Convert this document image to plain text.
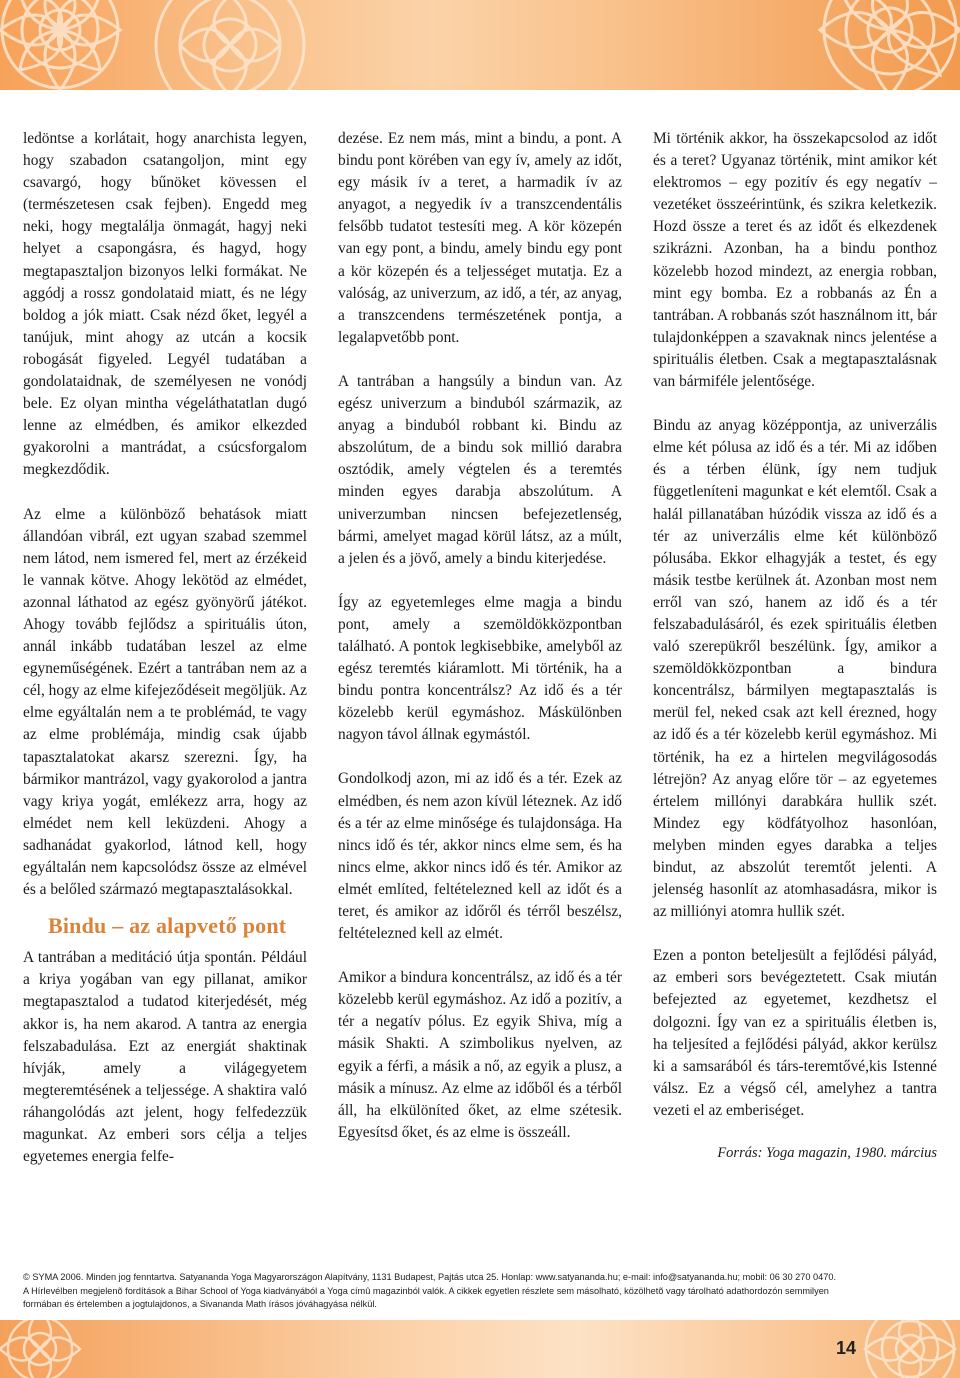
ledöntse a korlátait, hogy anarchista legyen, hogy szabadon csatangoljon, mint egy csavargó, hogy bűnöket kövessen el (természetesen csak fejben). Engedd meg neki, hogy megtalálja önmagát, hagyj neki helyet a csapongásra, és hagyd, hogy megtapasztaljon bizonyos lelki formákat. Ne aggódj a rossz gondolataid miatt, és ne légy boldog a jók miatt. Csak nézd őket, legyél a tanújuk, mint ahogy az utcán a kocsik robogását figyeled. Legyél tudatában a gondolataidnak, de személyesen ne vonódj bele. Ez olyan mintha végeláthatatlan dugó lenne az elmédben, és amikor elkezded gyakorolni a mantrádat, a csúcsforgalom megkezdődik.

Az elme a különböző behatások miatt állandóan vibrál, ezt ugyan szabad szemmel nem látod, nem ismered fel, mert az érzékeid le vannak kötve. Ahogy lekötöd az elmédet, azonnal láthatod az egész gyönyörű játékot. Ahogy tovább fejlődsz a spirituális úton, annál inkább tudatában leszel az elme egyneműségének. Ezért a tantrában nem az a cél, hogy az elme kifejeződéseit megöljük. Az elme egyáltalán nem a te problémád, te vagy az elme problémája, mindig csak újabb tapasztalatokat akarsz szerezni. Így, ha bármikor mantrázol, vagy gyakorolod a jantra vagy kriya yogát, emlékezz arra, hogy az elmédet nem kell leküzdeni. Ahogy a sadhanádat gyakorlod, látnod kell, hogy egyáltalán nem kapcsolódsz össze az elmével és a belőled származó megtapasztalásokkal.

Bindu – az alapvető pont

A tantrában a meditáció útja spontán. Például a kriya yogában van egy pillanat, amikor megtapasztalod a tudatod kiterjedését, még akkor is, ha nem akarod. A tantra az energia felszabadulása. Ezt az energiát shaktinak hívják, amely a világegyetem megteremtésének a teljessége. A shaktira való ráhangolódás azt jelent, hogy felfedezzük magunkat. Az emberi sors célja a teljes egyetemes energia felfe-

dezése. Ez nem más, mint a bindu, a pont. A bindu pont körében van egy ív, amely az időt, egy másik ív a teret, a harmadik ív az anyagot, a negyedik ív a transzcendentális felsőbb tudatot testesíti meg. A kör közepén van egy pont, a bindu, amely bindu egy pont a kör közepén és a teljességet mutatja. Ez a valóság, az univerzum, az idő, a tér, az anyag, a transzcendens természetének pontja, a legalapvetőbb pont.

A tantrában a hangsúly a bindun van. Az egész univerzum a binduból származik, az anyag a binduból robbant ki. Bindu az abszolútum, de a bindu sok millió darabra osztódik, amely végtelen és a teremtés minden egyes darabja abszolútum. A univerzumban nincsen befejezetlenség, bármi, amelyet magad körül látsz, az a múlt, a jelen és a jövő, amely a bindu kiterjedése.

Így az egyetemleges elme magja a bindu pont, amely a szemöldökközpontban található. A pontok legkisebbike, amelyből az egész teremtés kiáramlott. Mi történik, ha a bindu pontra koncentrálsz? Az idő és a tér közelebb kerül egymáshoz. Máskülönben nagyon távol állnak egymástól.

Gondolkodj azon, mi az idő és a tér. Ezek az elmédben, és nem azon kívül léteznek. Az idő és a tér az elme minősége és tulajdonsága. Ha nincs idő és tér, akkor nincs elme sem, és ha nincs elme, akkor nincs idő és tér. Amikor az elmét említed, feltételezned kell az időt és a teret, és amikor az időről és térről beszélsz, feltételezned kell az elmét.

Amikor a bindura koncentrálsz, az idő és a tér közelebb kerül egymáshoz. Az idő a pozitív, a tér a negatív pólus. Ez egyik Shiva, míg a másik Shakti. A szimbolikus nyelven, az egyik a férfi, a másik a nő, az egyik a plusz, a másik a mínusz. Az elme az időből és a térből áll, ha elkülöníted őket, az elme szétesik. Egyesítsd őket, és az elme is összeáll.

Mi történik akkor, ha összekapcsolod az időt és a teret? Ugyanaz történik, mint amikor két elektromos – egy pozitív és egy negatív – vezetéket összeérintünk, és szikra keletkezik. Hozd össze a teret és az időt és elkezdenek szikrázni. Azonban, ha a bindu ponthoz közelebb hozod mindezt, az energia robban, mint egy bomba. Ez a robbanás az Én a tantrában. A robbanás szót használnom itt, bár tulajdonképpen a szavaknak nincs jelentése a spirituális életben. Csak a megtapasztalásnak van bármiféle jelentősége.

Bindu az anyag középpontja, az univerzális elme két pólusa az idő és a tér. Mi az időben és a térben élünk, így nem tudjuk függetleníteni magunkat e két elemtől. Csak a halál pillanatában húzódik vissza az idő és a tér az univerzális elme két különböző pólusába. Ekkor elhagyják a testet, és egy másik testbe kerülnek át. Azonban most nem erről van szó, hanem az idő és a tér felszabadulásáról, és ezek spirituális életben való szerepükről beszélünk. Így, amikor a szemöldökközpontban a bindura koncentrálsz, bármilyen megtapasztalás is merül fel, neked csak azt kell érezned, hogy az idő és a tér közelebb kerül egymáshoz. Mi történik, ha ez a hirtelen megvilágosodás létrejön? Az anyag előre tör – az egyetemes értelem millónyi darabkára hullik szét. Mindez egy ködfátyolhoz hasonlóan, melyben minden egyes darabka a teljes bindut, az abszolút teremtőt jelenti. A jelenség hasonlít az atomhasadásra, mikor is az milliónyi atomra hullik szét.

Ezen a ponton beteljesült a fejlődési pályád, az emberi sors bevégeztetett. Csak miután befejezted az egyetemet, kezdhetsz el dolgozni. Így van ez a spirituális életben is, ha teljesíted a fejlődési pályád, akkor kerülsz ki a samsarából és társ-teremtővé,kis Istenné válsz. Ez a végső cél, amelyhez a tantra vezeti el az emberiséget.

Forrás: Yoga magazin, 1980. március
© SYMA 2006. Minden jog fenntartva. Satyananda Yoga Magyarországon Alapítvány, 1131 Budapest, Pajtás utca 25. Honlap: www.satyananda.hu; e-mail: info@satyananda.hu; mobil: 06 30 270 0470.
A Hírlevélben megjelenõ fordítások a Bihar School of Yoga kiadványából a Yoga címû magazinból valók. A cikkek egyetlen részlete sem másolható, közölhetõ vagy tárolható adathordozón semmilyen
formában és értelemben a jogtulajdonos, a Sivananda Math írásos jóváhagyása nélkül.
14
